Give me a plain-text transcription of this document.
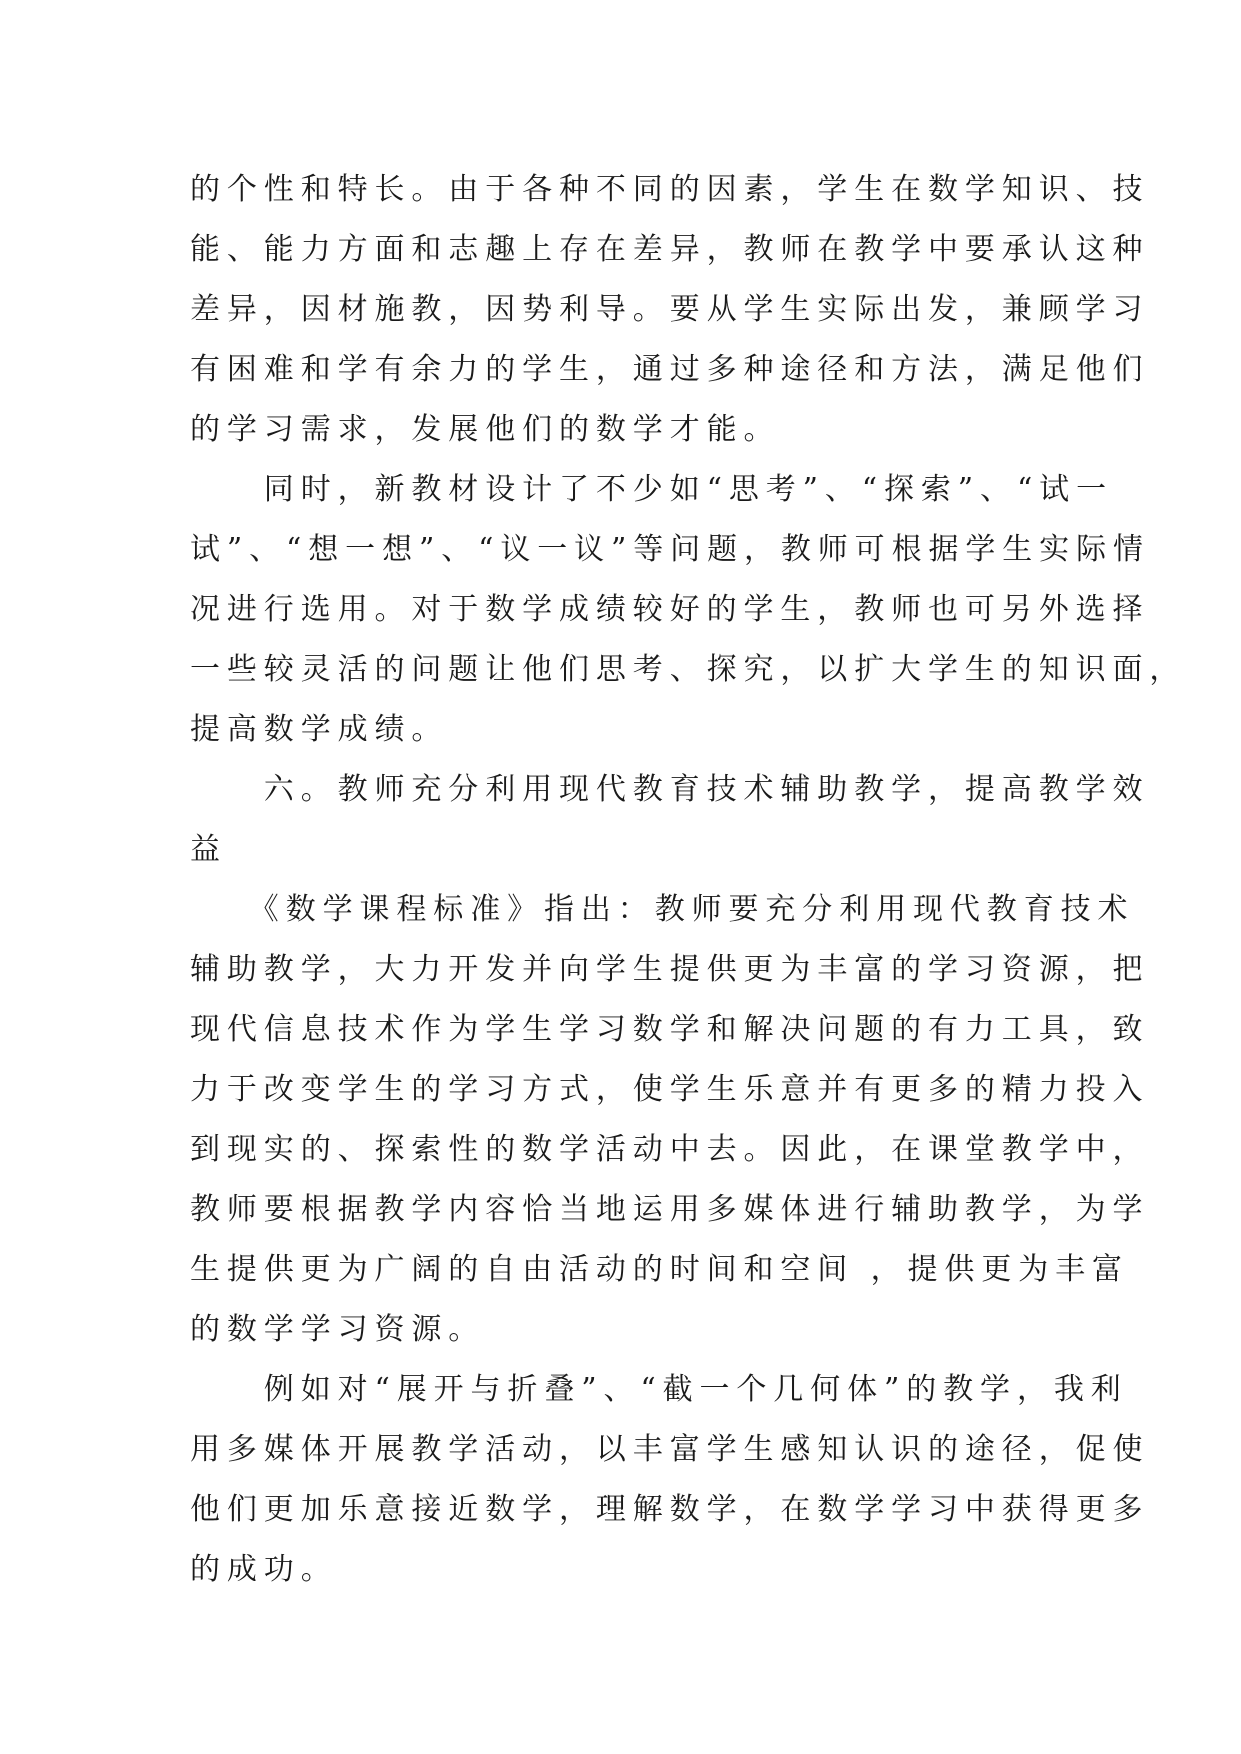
的个性和特长。由于各种不同的因素，学生在数学知识、技
能、能力方面和志趣上存在差异，教师在教学中要承认这种
差异，因材施教，因势利导。要从学生实际出发，兼顾学习
有困难和学有余力的学生，通过多种途径和方法，满足他们
的学习需求，发展他们的数学才能。
　　同时，新教材设计了不少如“思考”、“探索”、“试一
试”、“想一想”、“议一议”等问题，教师可根据学生实际情
况进行选用。对于数学成绩较好的学生，教师也可另外选择
一些较灵活的问题让他们思考、探究，以扩大学生的知识面，
提高数学成绩。
　　六。教师充分利用现代教育技术辅助教学，提高教学效
益
　　《数学课程标准》指出：教师要充分利用现代教育技术
辅助教学，大力开发并向学生提供更为丰富的学习资源，把
现代信息技术作为学生学习数学和解决问题的有力工具，致
力于改变学生的学习方式，使学生乐意并有更多的精力投入
到现实的、探索性的数学活动中去。因此，在课堂教学中，
教师要根据教学内容恰当地运用多媒体进行辅助教学，为学
生提供更为广阔的自由活动的时间和空间 ，提供更为丰富
的数学学习资源。
　　例如对“展开与折叠”、“截一个几何体”的教学，我利
用多媒体开展教学活动，以丰富学生感知认识的途径，促使
他们更加乐意接近数学，理解数学，在数学学习中获得更多
的成功。
